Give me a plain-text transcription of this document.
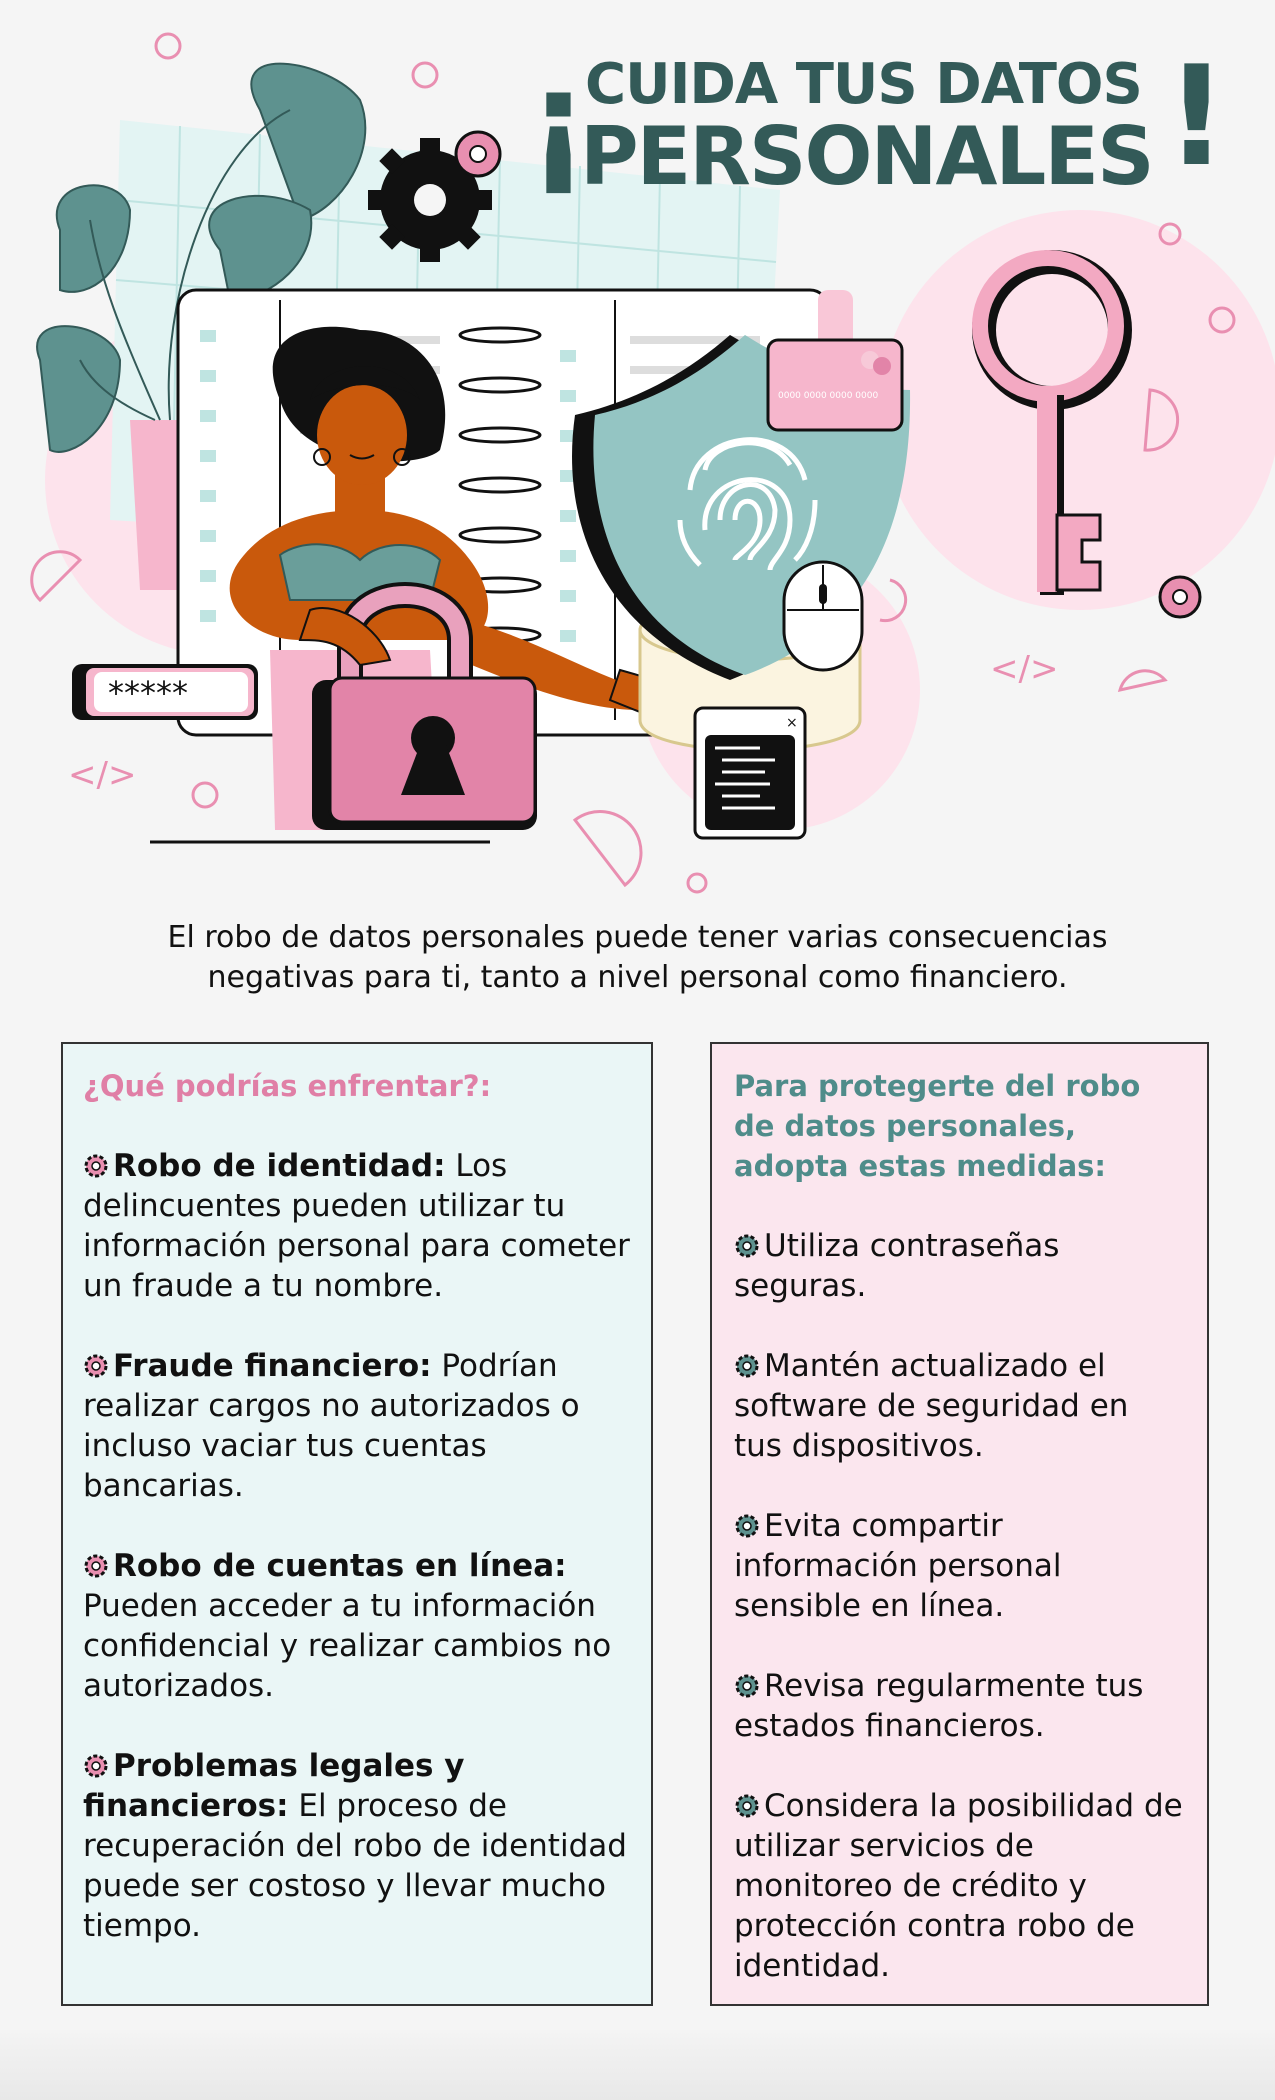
</>
</>
*****
0000 0000 0000 0000
×
¡
CUIDA TUS DATOS
PERSONALES !
El robo de datos personales puede tener varias consecuencias negativas para ti, tanto a nivel personal como financiero.
¿Qué podrías enfrentar?:
Robo de identidad: Los delincuentes pueden utilizar tu información personal para cometer un fraude a tu nombre.
Fraude financiero: Podrían realizar cargos no autorizados o incluso vaciar tus cuentas bancarias.
Robo de cuentas en línea: Pueden acceder a tu información confidencial y realizar cambios no autorizados.
Problemas legales y financieros: El proceso de recuperación del robo de identidad puede ser costoso y llevar mucho tiempo.
Para protegerte del robo de datos personales, adopta estas medidas:
Utiliza contraseñas seguras.
Mantén actualizado el software de seguridad en tus dispositivos.
Evita compartir información personal sensible en línea.
Revisa regularmente tus estados financieros.
Considera la posibilidad de utilizar servicios de monitoreo de crédito y protección contra robo de identidad.
